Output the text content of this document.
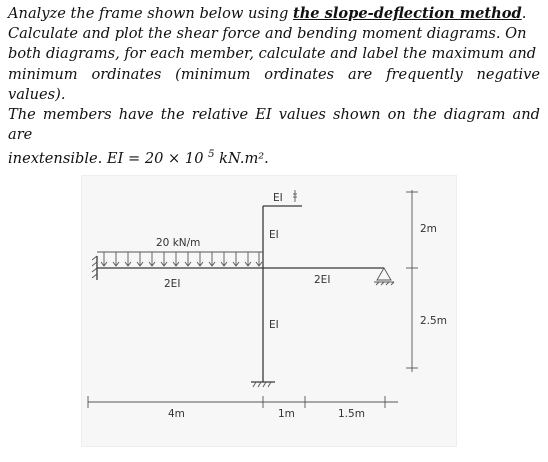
Analyze the frame shown below using the slope-deflection method.
Calculate and plot the shear force and bending moment diagrams. On
both diagrams, for each member, calculate and label the maximum and
minimum ordinates (minimum ordinates are frequently negative values).
The members have the relative EI values shown on the diagram and are
inextensible. EI = 20 × 10 $^5$ kN.m².
EI
EI
2EI	2EI
20 kN/m
EI
4m	1m	1.5m
2m
2.5m
